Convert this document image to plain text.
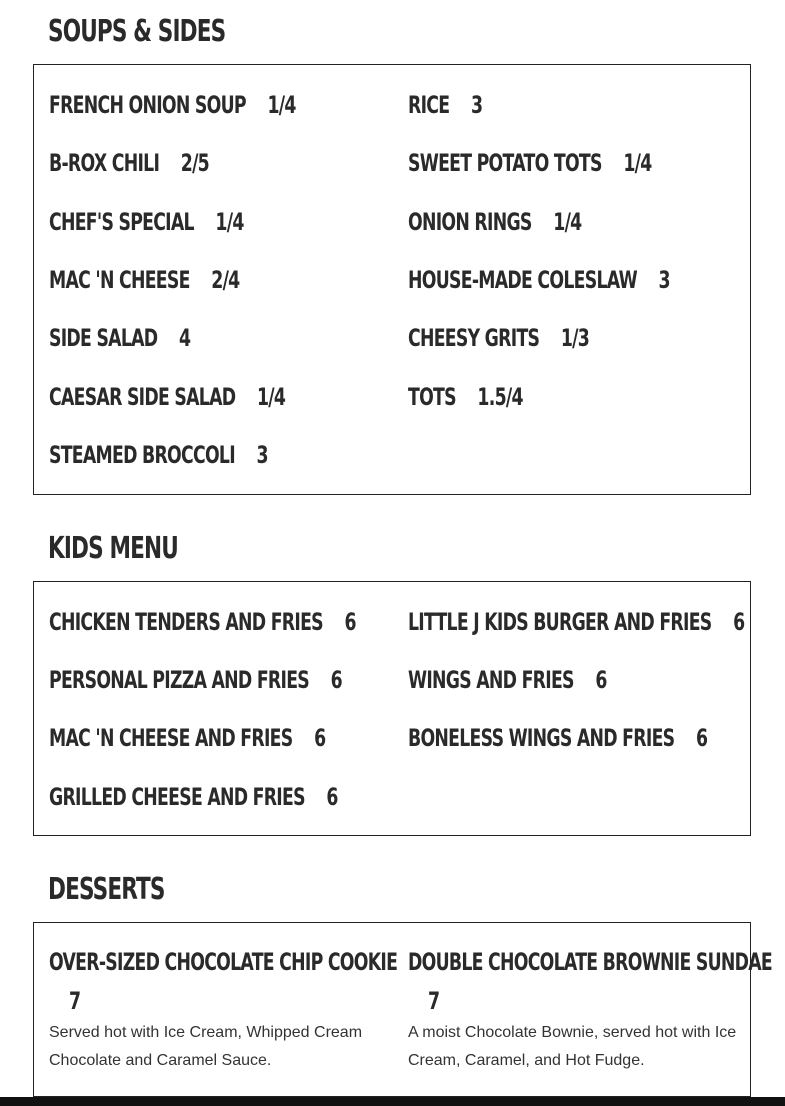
SOUPS & SIDES
FRENCH ONION SOUP 1/4
B-ROX CHILI 2/5
CHEF'S SPECIAL 1/4
MAC 'N CHEESE 2/4
SIDE SALAD 4
CAESAR SIDE SALAD 1/4
STEAMED BROCCOLI 3
RICE 3
SWEET POTATO TOTS 1/4
ONION RINGS 1/4
HOUSE-MADE COLESLAW 3
CHEESY GRITS 1/3
TOTS 1.5/4
KIDS MENU
CHICKEN TENDERS AND FRIES 6
PERSONAL PIZZA AND FRIES 6
MAC 'N CHEESE AND FRIES 6
GRILLED CHEESE AND FRIES 6
LITTLE J KIDS BURGER AND FRIES 6
WINGS AND FRIES 6
BONELESS WINGS AND FRIES 6
DESSERTS
OVER-SIZED CHOCOLATE CHIP COOKIE
7
Served hot with Ice Cream, Whipped Cream Chocolate and Caramel Sauce.
DOUBLE CHOCOLATE BROWNIE SUNDAE
7
A moist Chocolate Bownie, served hot with Ice Cream, Caramel, and Hot Fudge.
